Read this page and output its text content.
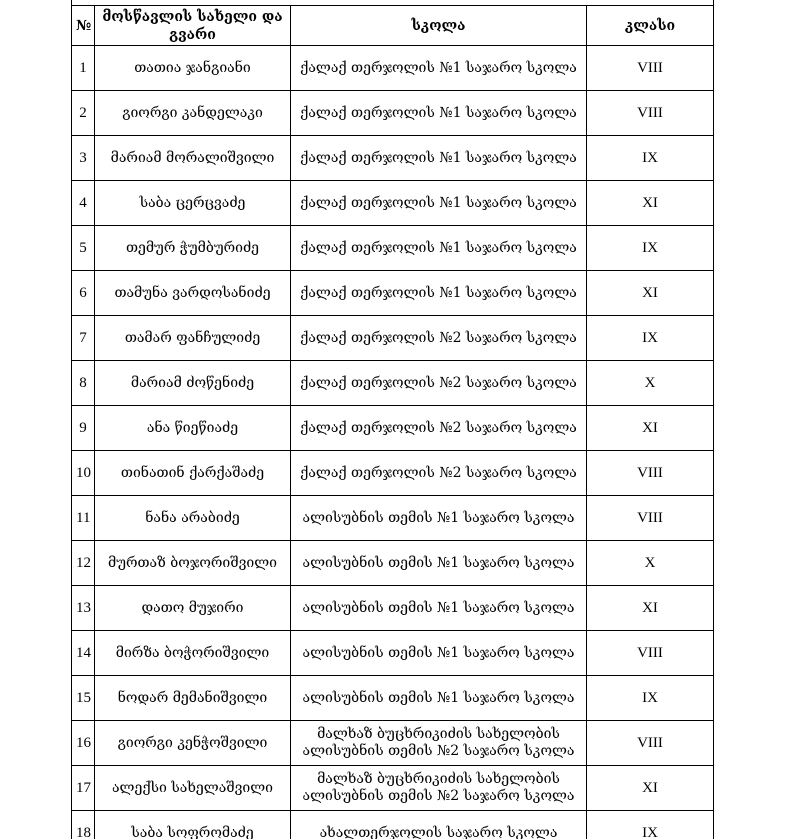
№	მოსწავლის სახელი და გვარი	სკოლა	კლასი
1	თათია ჯანგიანი	ქალაქ თერჯოლის №1 საჯარო სკოლა	VIII
2	გიორგი კანდელაკი	ქალაქ თერჯოლის №1 საჯარო სკოლა	VIII
3	მარიამ მორალიშვილი	ქალაქ თერჯოლის №1 საჯარო სკოლა	IX
4	საბა ცერცვაძე	ქალაქ თერჯოლის №1 საჯარო სკოლა	XI
5	თემურ ჭუმბურიძე	ქალაქ თერჯოლის №1 საჯარო სკოლა	IX
6	თამუნა ვარდოსანიძე	ქალაქ თერჯოლის №1 საჯარო სკოლა	XI
7	თამარ ფანჩულიძე	ქალაქ თერჯოლის №2 საჯარო სკოლა	IX
8	მარიამ ძოწენიძე	ქალაქ თერჯოლის №2 საჯარო სკოლა	X
9	ანა წიეწიაძე	ქალაქ თერჯოლის №2 საჯარო სკოლა	XI
10	თინათინ ქარქაშაძე	ქალაქ თერჯოლის №2 საჯარო სკოლა	VIII
11	ნანა არაბიძე	ალისუბნის თემის №1 საჯარო სკოლა	VIII
12	მურთაზ ბოჯორიშვილი	ალისუბნის თემის №1 საჯარო სკოლა	X
13	დათო მუჯირი	ალისუბნის თემის №1 საჯარო სკოლა	XI
14	მირზა ბოჭორიშვილი	ალისუბნის თემის №1 საჯარო სკოლა	VIII
15	ნოდარ მემანიშვილი	ალისუბნის თემის №1 საჯარო სკოლა	IX
16	გიორგი კენჭოშვილი	მალხაზ ბუცხრიკიძის სახელობის ალისუბნის თემის №2 საჯარო სკოლა	VIII
17	ალექსი სახელაშვილი	მალხაზ ბუცხრიკიძის სახელობის ალისუბნის თემის №2 საჯარო სკოლა	XI
18	საბა სოფრომაძე	ახალთერჯოლის საჯარო სკოლა	IX
